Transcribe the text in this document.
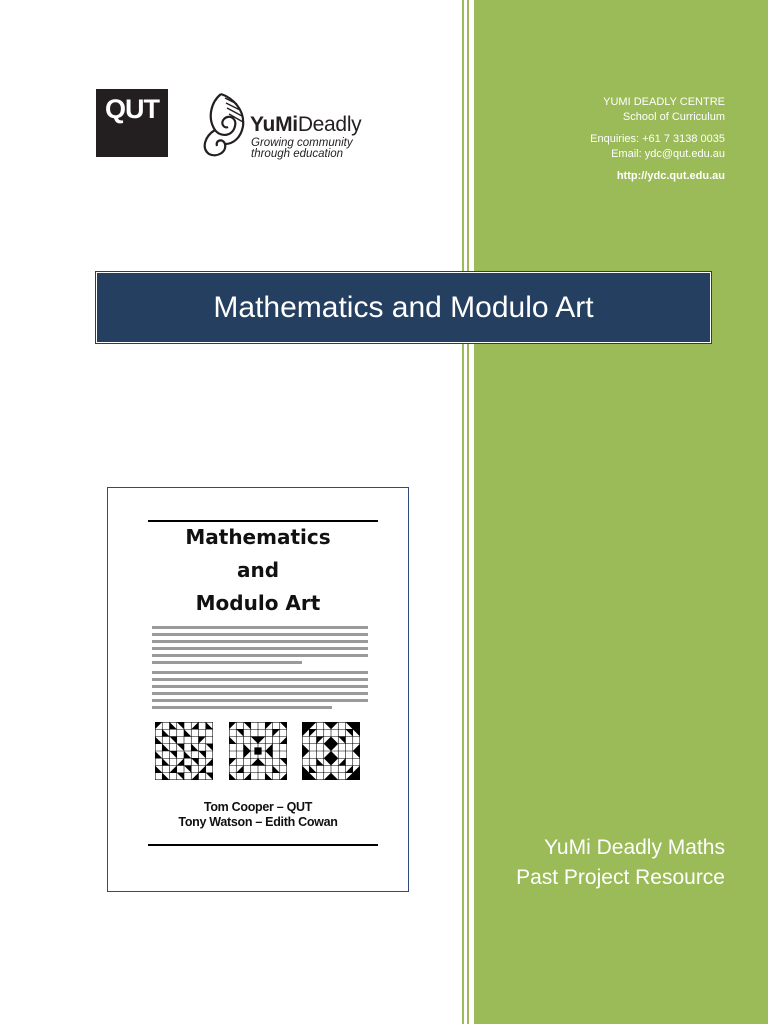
QUT
YuMiDeadly
Growing community
through education
YUMI DEADLY CENTRE
School of Curriculum
Enquiries: +61 7 3138 0035
Email: ydc@qut.edu.au
http://ydc.qut.edu.au
Mathematics and Modulo Art
Mathematics
and
Modulo Art
Tom Cooper – QUT
Tony Watson – Edith Cowan
YuMi Deadly Maths
Past Project Resource
